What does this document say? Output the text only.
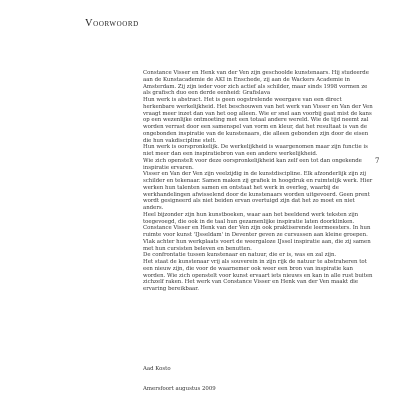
Voorwoord

Constance Visser en Henk van der Ven zijn geschoolde kunstenaars. Hij studeerde aan de Kunstacademie de AKI in Enschede, zij aan de Wackers Academie in Amsterdam. Zij zijn ieder voor zich actief als schilder, maar sinds 1998 vormen ze als grafisch duo een derde eenheid: Grafislava

Hun werk is abstract. Het is geen oogstrelende weergave van een direct herkenbare werkelijkheid. Het beschouwen van het werk van Visser en Van der Ven vraagt meer inzet dan van het oog alleen. Wie er snel aan voorbij gaat mist de kans op een wezenlijke ontmoeting met een totaal andere wereld. Wie de tijd neemt zal worden verrast door een samenspel van vorm en kleur, dat het resultaat is van de ongebonden inspiratie van de kunstenaars, die alleen gebonden zijn door de eisen die hun vakdiscipline stelt.

Hun werk is oorspronkelijk. De werkelijkheid is waargenomen maar zijn functie is niet meer dan een inspiratiebron van een andere werkelijkheid.

Wie zich openstelt voor deze oorspronkelijkheid kan zelf een tot dan ongekende inspiratie ervaren.

Visser en Van der Ven zijn veelzijdig in de kunstdiscipline. Elk afzonderlijk zijn zij schilder en tekenaar. Samen maken zij grafiek in hoogdruk en ruimtelijk werk. Hier werken hun talenten samen en ontstaat het werk in overleg, waarbij de werkhandelingen afwisselend door de kunstenaars worden uitgevoerd. Geen prent wordt gesigneerd als niet beiden ervan overtuigd zijn dat het zo moet en niet anders.

Heel bijzonder zijn hun kunstboeken, waar aan het beeldend werk teksten zijn toegevoegd, die ook in de taal hun gezamenlijke inspiratie laten doorklinken.

Constance Visser en Henk van der Ven zijn ook praktiserende leermeesters. In hun ruimte voor kunst 'IJsseldam' in Deventer geven ze cursussen aan kleine groepen. Vlak achter hun werkplaats voert de weergaloze IJssel inspiratie aan, die zij samen met hun cursisten beleven en benutten.

De confrontatie tussen kunstenaar en natuur, die er is, was en zal zijn.

Het staat de kunstenaar vrij als souverein in zijn rijk de natuur te abstraheren tot een nieuw zijn, die voor de waarnemer ook weer een bron van inspiratie kan worden. Wie zich openstelt voor kunst ervaart iets nieuws en kan in alle rust buiten zichzelf raken. Het werk van Constance Visser en Henk van der Ven maakt die ervaring bereikbaar.

7
Aad Kosto
Amersfoort augustus 2009
